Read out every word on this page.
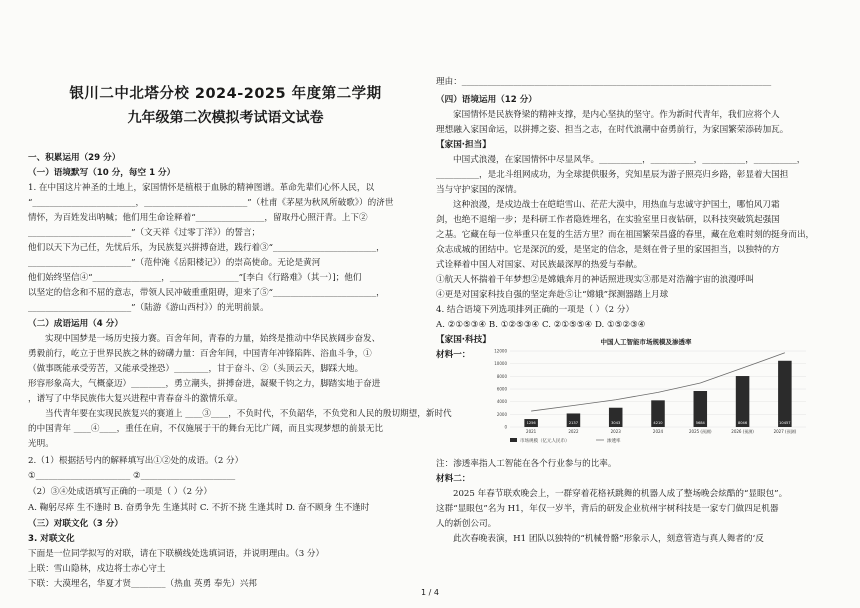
银川二中北塔分校 2024-2025 年度第二学期
九年级第二次模拟考试语文试卷
一、积累运用（29 分）
（一）语境默写（10 分，每空 1 分）
1. 在中国这片神圣的土地上，家国情怀是植根于血脉的精神图谱。革命先辈们心怀人民，以
“________________________，________________________”（杜甫《茅屋为秋风所破歌》）的济世
情怀，为百姓发出呐喊；他们用生命诠释着“________________，留取丹心照汗青。上下②
________________________”（文天祥《过零丁洋》）的誓言；
他们以天下为己任，先忧后乐，为民族复兴拼搏奋进，践行着③“________________________，
________________________”（范仲淹《岳阳楼记》）的崇高使命。无论是黄河
他们始终坚信④“________________，________________”[李白《行路难》（其一）]；他们
以坚定的信念和不屈的意志，带领人民冲破重重阻碍，迎来了⑤“________________________，
________________________”（陆游《游山西村》）的光明前景。
（二）成语运用（4 分）
实现中国梦是一场历史接力赛。百舍年间，青春的力量，始终是推动中华民族阔步奋发、
勇毅前行，屹立于世界民族之林的磅礴力量：百舍年间，中国青年冲锋陷阵、浴血斗争，①
（做事既能承受劳苦，又能承受挫恐）________，甘于奋斗、②（头顶云天，脚踩大地。
形容形象高大，气概豪迈）________，勇立潮头，拼搏奋进，凝聚千钧之力，脚踏实地于奋进
，谱写了中华民族伟大复兴进程中青春奋斗的激情乐章。
当代青年要在实现民族复兴的赛道上 ____③____，不负时代，不负韶华，不负党和人民的殷切期望，新时代
的中国青年 ____④____，重任在肩，不仅施展于干的舞台无比广阔，而且实现梦想的前景无比
光明。
2.（1）根据括号内的解释填写出①②处的成语。（2 分）
①______________________ ②______________________
（2）③④处成语填写正确的一项是（ ）（2 分）
A. 鞠躬尽瘁 生不逢时 B. 奋勇争先 生逢其时 C. 不折不挠 生逢其时 D. 奋不顾身 生不逢时
（三）对联文化（3 分）
3. 对联文化
下面是一位同学拟写的对联，请在下联横线处选填词语，并说明理由。（3 分）
上联：雪山隐林，戍边将士赤心守土
下联：大漠埋名，华夏才贤________（热血 英勇 奉先）兴邦
理由：________________________________________________________________________
（四）语境运用（12 分）
家国情怀是民族脊梁的精神支撑，是内心坚执的坚守。作为新时代青年，我们应将个人
理想融入家国命运，以拼搏之姿、担当之志，在时代浪潮中奋勇前行，为家国繁荣添砖加瓦。
【家国·担当】
中国式浪漫，在家国情怀中尽显风华。__________，__________，__________，__________，
__________，是北斗组网成功，为全球提供服务，究知星辰为游子照亮归乡路，彰显着大国担
当与守护家国的深情。
这种浪漫，是戍边战士在皑皑雪山、茫茫大漠中，用热血与忠诚守护国土，哪怕风刀霜
剑，也绝不退缩一步；是科研工作者隐姓埋名，在实验室里日夜钻研，以科技突破筑起强国
之基。它藏在每一位举重只在复的生活方里？而在祖国繁荣昌盛的春里，藏在危难时刻的挺身而出，
众志成城的团结中。它是深沉的爱，是坚定的信念，是刻在骨子里的家国担当，以独特的方
式诠释着中国人对国家、对民族最深厚的热爱与奉献。
①航天人怀揣着千年梦想②是嫦娥奔月的神话照进现实③那是对浩瀚宇宙的浪漫呼叫
④更是对国家科技自强的坚定奔赴⑤让“嫦娥”探测器踏上月球
4. 结合语境下列选项排列正确的一项是（ ）（2 分）
A. ②①⑤③④ B. ①②⑤③④ C. ②①⑤⑤④ D. ①⑤②③④
【家国·科技】
材料一：
注：渗透率指人工智能在各个行业参与的比率。
材料二：
2025 年春节联欢晚会上，一群穿着花格袄跳舞的机器人成了整场晚会炫酷的“显眼包”。
这群“显眼包”名为 H1，年仅一岁半，背后的研发企业杭州宇树科技是一家专门做四足机器
人的新创公司。
此次春晚表演，H1 团队以独特的“机械骨骼”形象示人，刻意管造与真人舞者的‘反
中国人工智能市场规模及渗透率
0
2000
4000
6000
8000
10000
12000
1256	2137	3043	4210	5684	8046	10457
2021	2022	2023	2024	2025 (预测)	2026 (预测)	2027 (预测)
市场规模（亿元人民币）	渗透率
1 / 4
